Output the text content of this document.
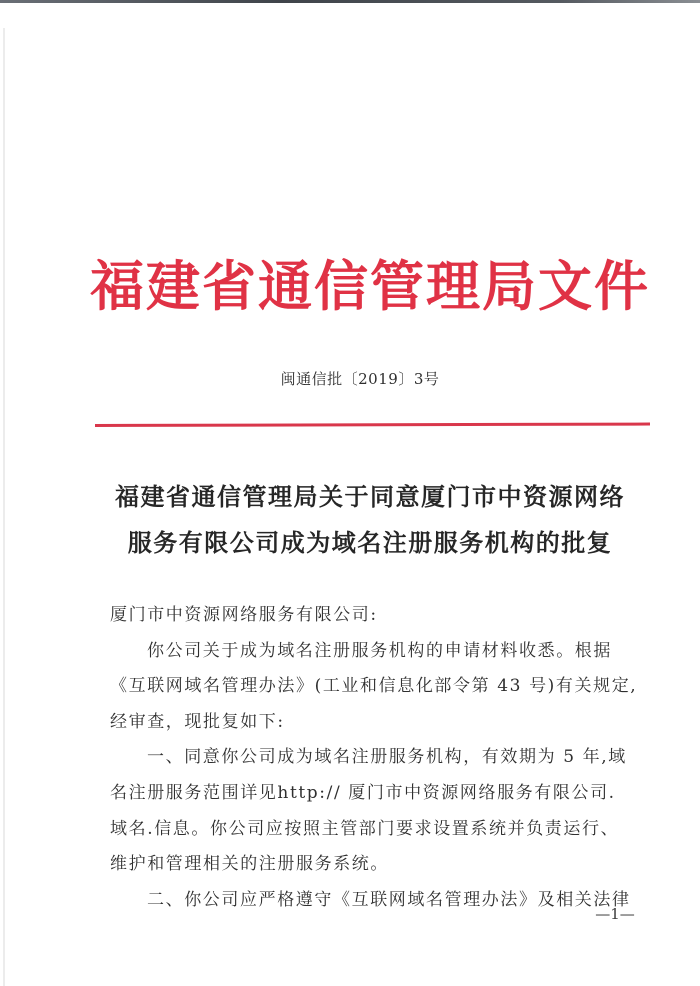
福建省通信管理局文件
闽通信批〔2019〕3号
福建省通信管理局关于同意厦门市中资源网络
服务有限公司成为域名注册服务机构的批复
厦门市中资源网络服务有限公司:
你公司关于成为域名注册服务机构的申请材料收悉。根据
《互联网域名管理办法》(工业和信息化部令第 43 号)有关规定,
经审查，现批复如下:
一、同意你公司成为域名注册服务机构，有效期为 5 年,域
名注册服务范围详见http:// 厦门市中资源网络服务有限公司.
域名.信息。你公司应按照主管部门要求设置系统并负责运行、
维护和管理相关的注册服务系统。
二、你公司应严格遵守《互联网域名管理办法》及相关法律
—1—
